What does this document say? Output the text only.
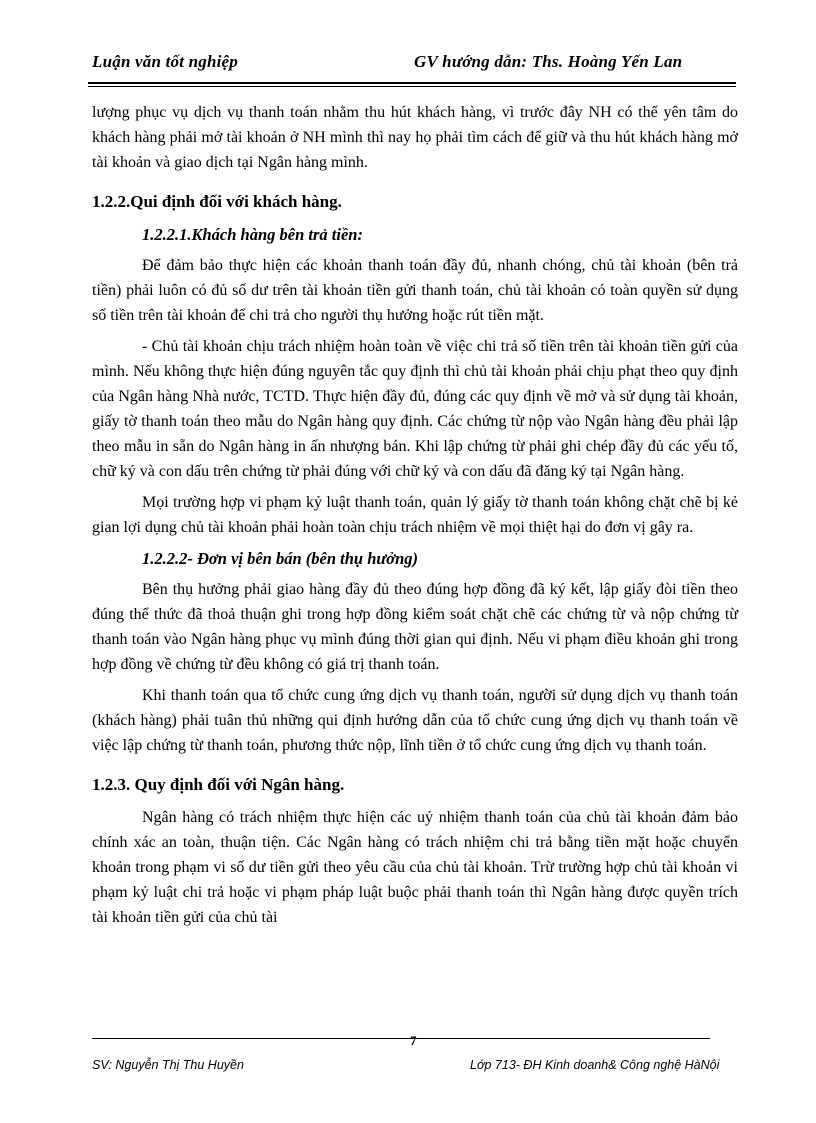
Luận văn tốt nghiệp	GV hướng dẫn: Ths. Hoàng Yến Lan

lượng phục vụ dịch vụ thanh toán nhằm thu hút khách hàng, vì trước đây NH có thể yên tâm do khách hàng phải mở tài khoản ở NH mình thì nay họ phải tìm cách để giữ và thu hút khách hàng mở tài khoản và giao dịch tại Ngân hàng mình.

1.2.2.Qui định đối với khách hàng.

1.2.2.1.Khách hàng bên trả tiền:

Để đảm bảo thực hiện các khoản thanh toán đầy đủ, nhanh chóng, chủ tài khoản (bên trả tiền) phải luôn có đủ số dư trên tài khoản tiền gửi thanh toán, chủ tài khoản có toàn quyền sử dụng số tiền trên tài khoản để chi trả cho người thụ hưởng hoặc rút tiền mặt.

- Chủ tài khoản chịu trách nhiệm hoàn toàn về việc chi trả số tiền trên tài khoản tiền gửi của mình. Nếu không thực hiện đúng nguyên tắc quy định thì chủ tài khoản phải chịu phạt theo quy định của Ngân hàng Nhà nước, TCTD. Thực hiện đầy đủ, đúng các quy định về mở và sử dụng tài khoản, giấy tờ thanh toán theo mẫu do Ngân hàng quy định. Các chứng từ nộp vào Ngân hàng đều phải lập theo mẫu in sẵn do Ngân hàng in ấn nhượng bán. Khi lập chứng từ phải ghi chép đầy đủ các yếu tố, chữ ký và con dấu trên chứng từ phải đúng với chữ ký và con dấu đã đăng ký tại Ngân hàng.

Mọi trường hợp vi phạm kỷ luật thanh toán, quản lý giấy tờ thanh toán không chặt chẽ bị kẻ gian lợi dụng chủ tài khoản phải hoàn toàn chịu trách nhiệm về mọi thiệt hại do đơn vị gây ra.

1.2.2.2- Đơn vị bên bán (bên thụ hưởng)

Bên thụ hưởng phải giao hàng đầy đủ theo đúng hợp đồng đã ký kết, lập giấy đòi tiền theo đúng thể thức đã thoả thuận ghi trong hợp đồng kiểm soát chặt chẽ các chứng từ và nộp chứng từ thanh toán vào Ngân hàng phục vụ mình đúng thời gian qui định. Nếu vi phạm điều khoản ghi trong hợp đồng về chứng từ đều không có giá trị thanh toán.

Khi thanh toán qua tổ chức cung ứng dịch vụ thanh toán, người sử dụng dịch vụ thanh toán (khách hàng) phải tuân thủ những qui định hướng dẫn của tổ chức cung ứng dịch vụ thanh toán về việc lập chứng từ thanh toán, phương thức nộp, lĩnh tiền ở tổ chức cung ứng dịch vụ thanh toán.

1.2.3. Quy định đối với Ngân hàng.

Ngân hàng có trách nhiệm thực hiện các uỷ nhiệm thanh toán của chủ tài khoản đảm bảo chính xác an toàn, thuận tiện. Các Ngân hàng có trách nhiệm chi trả bằng tiền mặt hoặc chuyển khoản trong phạm vi số dư tiền gửi theo yêu cầu của chủ tài khoản. Trừ trường hợp chủ tài khoản vi phạm kỷ luật chi trả hoặc vi phạm pháp luật buộc phải thanh toán thì Ngân hàng được quyền trích tài khoản tiền gửi của chủ tài

7
SV: Nguyễn Thị Thu Huyền	Lớp 713- ĐH Kinh doanh& Công nghệ HàNội
